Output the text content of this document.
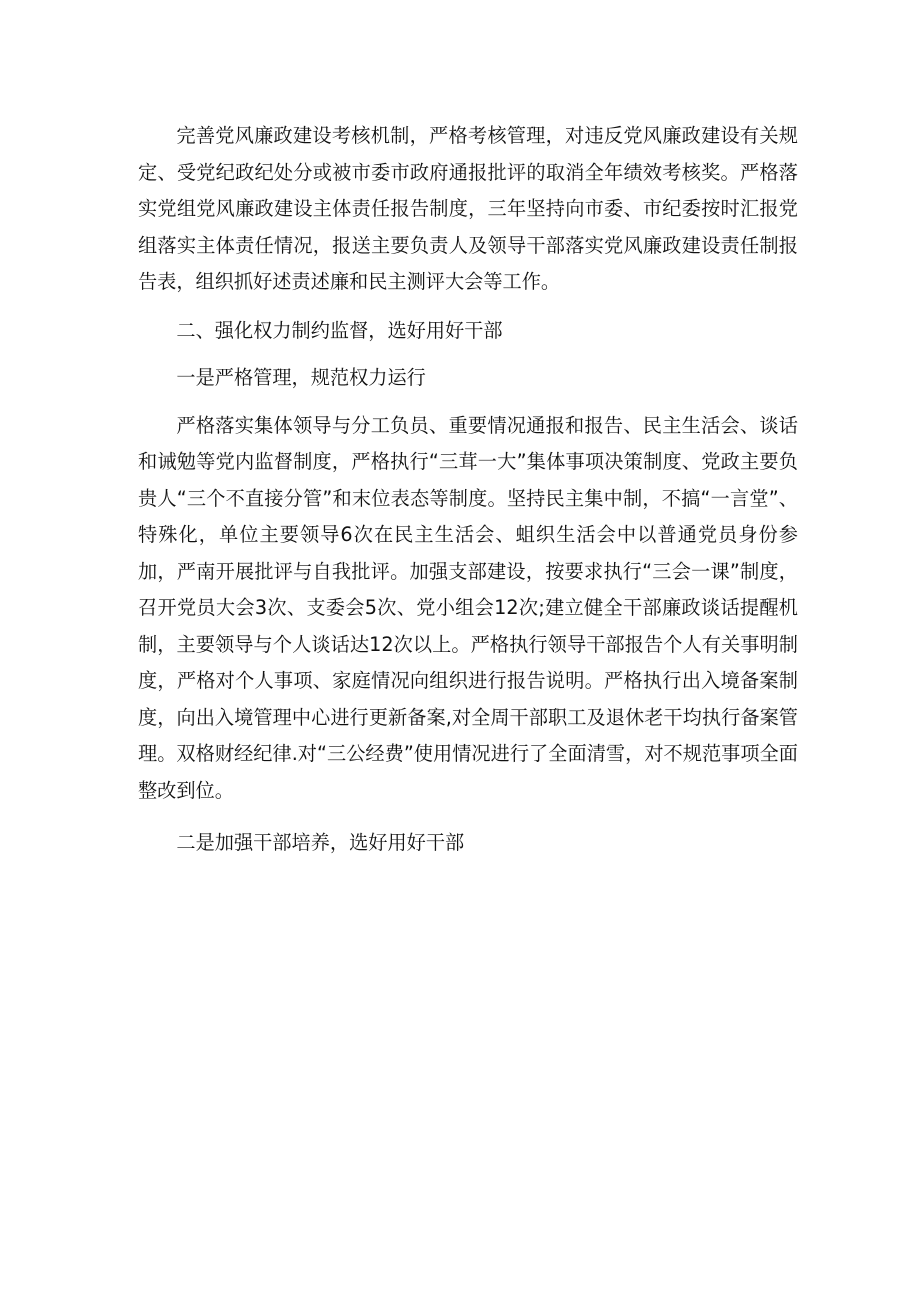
完善党风廉政建设考核机制，严格考核管理，对违反党风廉政建设有关规定、受党纪政纪处分或被市委市政府通报批评的取消全年绩效考核奖。严格落实党组党风廉政建设主体责任报告制度，三年坚持向市委、市纪委按时汇报党组落实主体责任情况，报送主要负责人及领导干部落实党风廉政建设责任制报告表，组织抓好述责述廉和民主测评大会等工作。

二、强化权力制约监督，选好用好干部

一是严格管理，规范权力运行

严格落实集体领导与分工负员、重要情况通报和报告、民主生活会、谈话和诫勉等党内监督制度，严格执行“三茸一大”集体事项决策制度、党政主要负贵人“三个不直接分管”和末位表态等制度。坚持民主集中制，不搞“一言堂”、特殊化，单位主要领导6次在民主生活会、蛆织生活会中以普通党员身份参加，严南开展批评与自我批评。加强支部建设，按要求执行“三会一课”制度，召开党员大会3次、支委会5次、党小组会12次;建立健全干部廉政谈话提醒机制，主要领导与个人谈话达12次以上。严格执行领导干部报告个人有关事明制度，严格对个人事项、家庭情况向组织进行报告说明。严格执行出入境备案制度，向出入境管理中心进行更新备案,对全周干部职工及退休老干均执行备案管理。双格财经纪律.对“三公经费”使用情况进行了全面清雪，对不规范事项全面整改到位。

二是加强干部培养，选好用好干部
